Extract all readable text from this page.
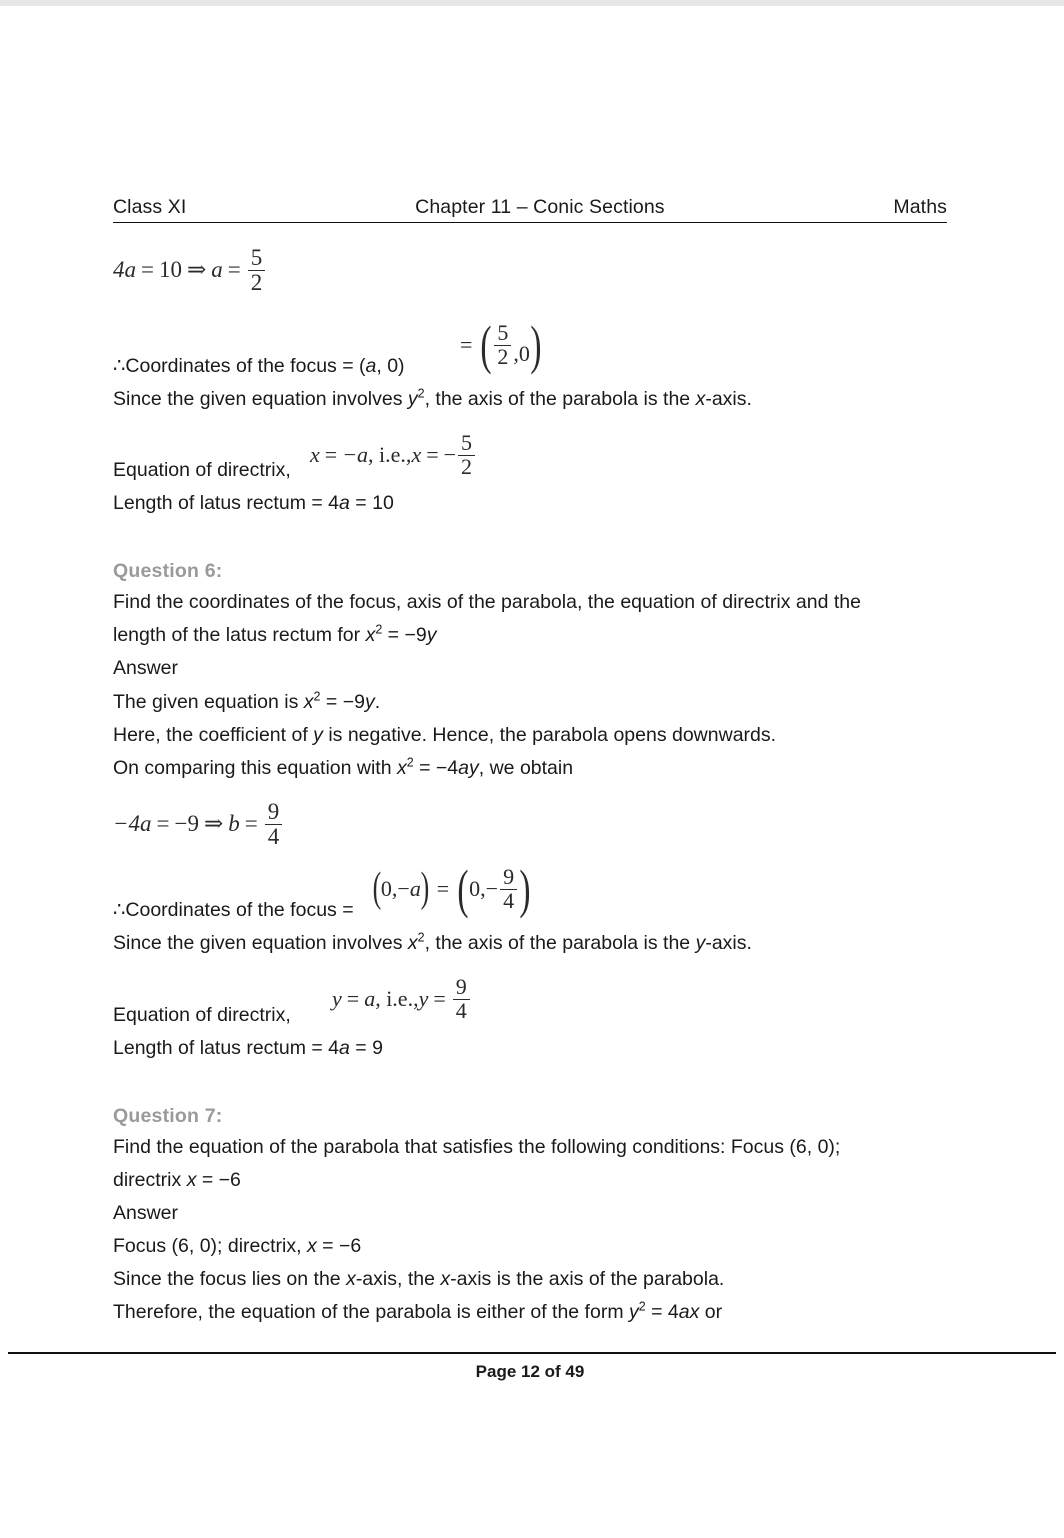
Class XI	Chapter 11 – Conic Sections	Maths
4a = 10 ⇒ $a = \frac{5}{2}$
= ( $\frac{5}{2} ,0$ )
∴Coordinates of the focus = (a, 0)
Since the given equation involves $y^2$, the axis of the parabola is the x-axis.
x = −a , i.e., x = − $\frac{5}{2}$
Equation of directrix,
Length of latus rectum = 4a = 10
Question 6:
Find the coordinates of the focus, axis of the parabola, the equation of directrix and the
length of the latus rectum for $x^2 = -9y$
Answer
The given equation is $x^2 = -9y$.
Here, the coefficient of y is negative. Hence, the parabola opens downwards.
On comparing this equation with $x^2 = -4ay$, we obtain
−4a = −9 ⇒ $b = \frac{9}{4}$
( 0,− a ) = ( $0,- \frac{9}{4}$ )
∴Coordinates of the focus =
Since the given equation involves $x^2$, the axis of the parabola is the y-axis.
y = a , i.e., $y = \frac{9}{4}$
Equation of directrix,
Length of latus rectum = 4a = 9
Question 7:
Find the equation of the parabola that satisfies the following conditions: Focus (6, 0);
directrix x = −6
Answer
Focus (6, 0); directrix, x = −6
Since the focus lies on the x-axis, the x-axis is the axis of the parabola.
Therefore, the equation of the parabola is either of the form $y^2 = 4ax$ or
Page 12 of 49
